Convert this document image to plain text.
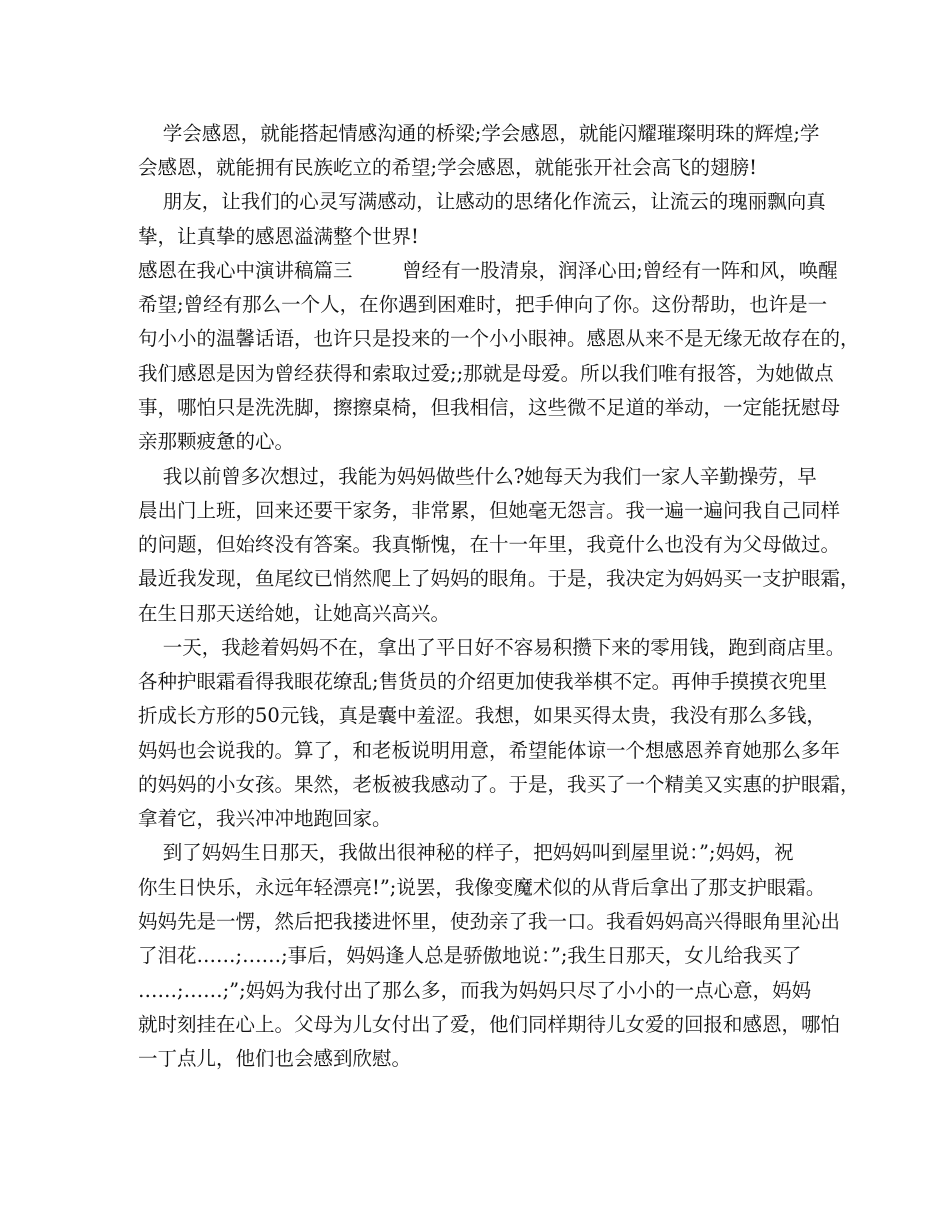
学会感恩，就能搭起情感沟通的桥梁;学会感恩，就能闪耀璀璨明珠的辉煌;学
会感恩，就能拥有民族屹立的希望;学会感恩，就能张开社会高飞的翅膀!
朋友，让我们的心灵写满感动，让感动的思绪化作流云，让流云的瑰丽飘向真
挚，让真挚的感恩溢满整个世界!
感恩在我心中演讲稿篇三        曾经有一股清泉，润泽心田;曾经有一阵和风，唤醒
希望;曾经有那么一个人，在你遇到困难时，把手伸向了你。这份帮助，也许是一
句小小的温馨话语，也许只是投来的一个小小眼神。感恩从来不是无缘无故存在的，
我们感恩是因为曾经获得和索取过爱;;那就是母爱。所以我们唯有报答，为她做点
事，哪怕只是洗洗脚，擦擦桌椅，但我相信，这些微不足道的举动，一定能抚慰母
亲那颗疲惫的心。
我以前曾多次想过，我能为妈妈做些什么?她每天为我们一家人辛勤操劳，早
晨出门上班，回来还要干家务，非常累，但她毫无怨言。我一遍一遍问我自己同样
的问题，但始终没有答案。我真惭愧，在十一年里，我竟什么也没有为父母做过。
最近我发现，鱼尾纹已悄然爬上了妈妈的眼角。于是，我决定为妈妈买一支护眼霜，
在生日那天送给她，让她高兴高兴。
一天，我趁着妈妈不在，拿出了平日好不容易积攒下来的零用钱，跑到商店里。
各种护眼霜看得我眼花缭乱;售货员的介绍更加使我举棋不定。再伸手摸摸衣兜里
折成长方形的50元钱，真是囊中羞涩。我想，如果买得太贵，我没有那么多钱，
妈妈也会说我的。算了，和老板说明用意，希望能体谅一个想感恩养育她那么多年
的妈妈的小女孩。果然，老板被我感动了。于是，我买了一个精美又实惠的护眼霜，
拿着它，我兴冲冲地跑回家。
到了妈妈生日那天，我做出很神秘的样子，把妈妈叫到屋里说：”;妈妈，祝
你生日快乐，永远年轻漂亮!”;说罢，我像变魔术似的从背后拿出了那支护眼霜。
妈妈先是一愣，然后把我搂进怀里，使劲亲了我一口。我看妈妈高兴得眼角里沁出
了泪花……;……;事后，妈妈逢人总是骄傲地说：”;我生日那天，女儿给我买了
……;……;”;妈妈为我付出了那么多，而我为妈妈只尽了小小的一点心意，妈妈
就时刻挂在心上。父母为儿女付出了爱，他们同样期待儿女爱的回报和感恩，哪怕
一丁点儿，他们也会感到欣慰。
